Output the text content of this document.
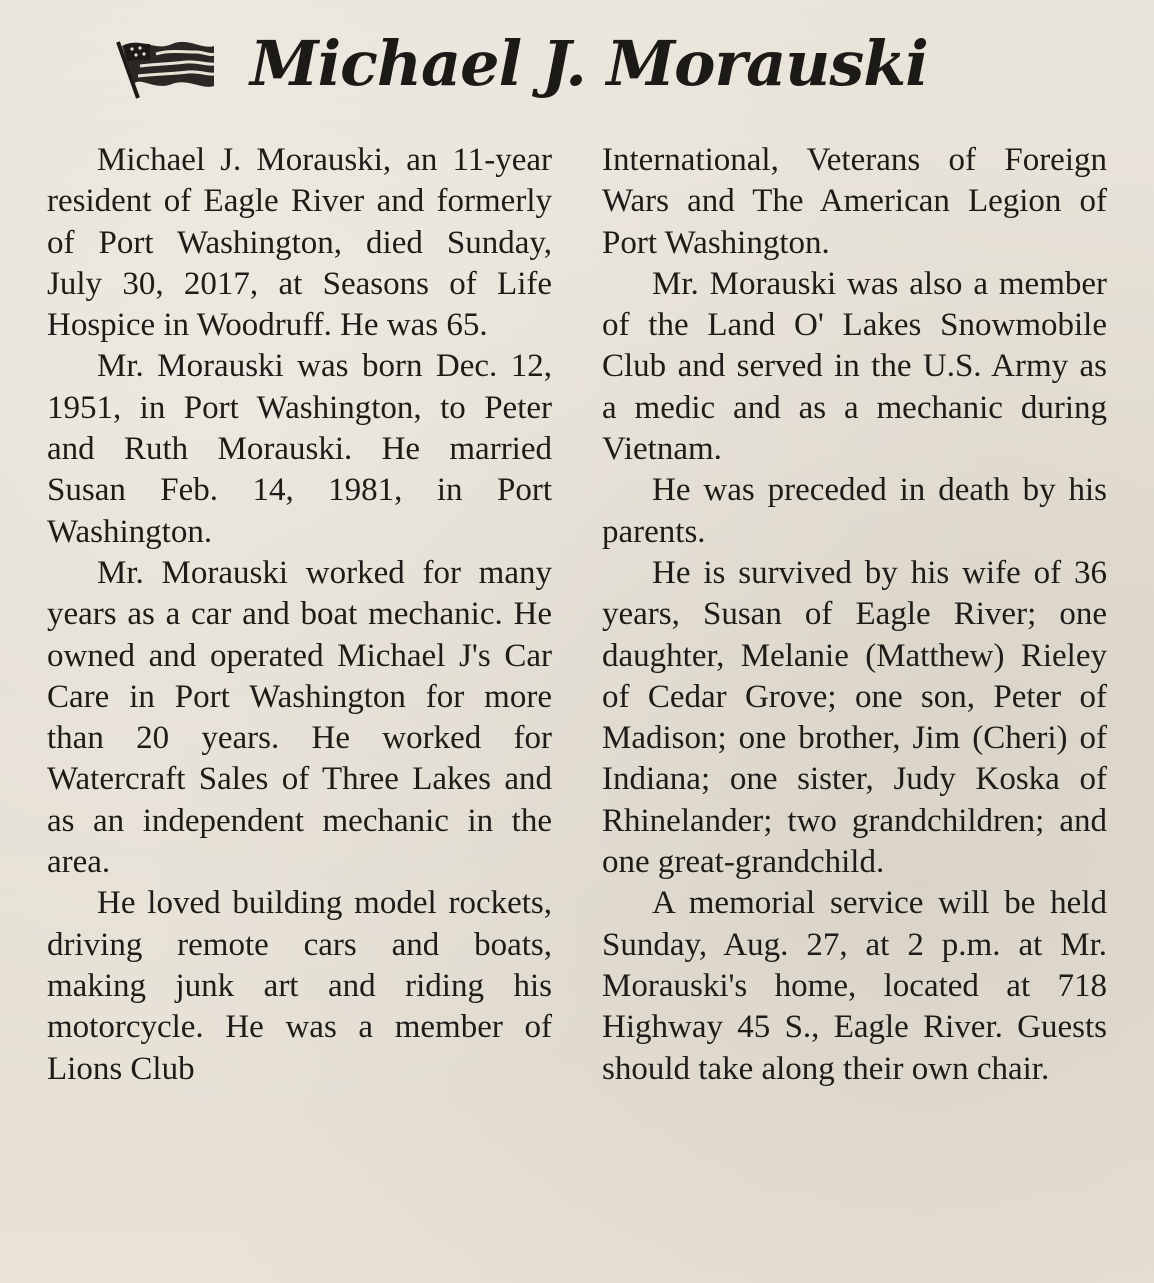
Michael J. Morauski

Michael J. Morauski, an 11-year resident of Eagle River and formerly of Port Washington, died Sunday, July 30, 2017, at Seasons of Life Hospice in Woodruff. He was 65.

Mr. Morauski was born Dec. 12, 1951, in Port Washington, to Peter and Ruth Morauski. He married Susan Feb. 14, 1981, in Port Washington.

Mr. Morauski worked for many years as a car and boat mechanic. He owned and operated Michael J's Car Care in Port Washington for more than 20 years. He worked for Watercraft Sales of Three Lakes and as an independent mechanic in the area.

He loved building model rockets, driving remote cars and boats, making junk art and riding his motorcycle. He was a member of Lions Club

International, Veterans of Foreign Wars and The American Legion of Port Washington.

Mr. Morauski was also a member of the Land O' Lakes Snowmobile Club and served in the U.S. Army as a medic and as a mechanic during Vietnam.

He was preceded in death by his parents.

He is survived by his wife of 36 years, Susan of Eagle River; one daughter, Melanie (Matthew) Rieley of Cedar Grove; one son, Peter of Madison; one brother, Jim (Cheri) of Indiana; one sister, Judy Koska of Rhinelander; two grandchildren; and one great-grandchild.

A memorial service will be held Sunday, Aug. 27, at 2 p.m. at Mr. Morauski's home, located at 718 Highway 45 S., Eagle River. Guests should take along their own chair.
